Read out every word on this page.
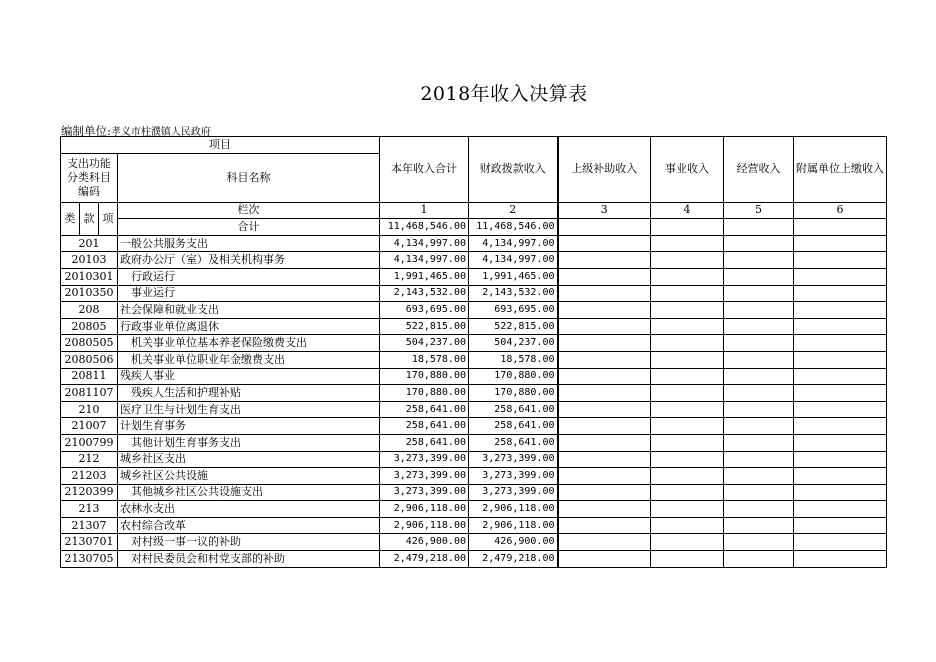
2018年收入决算表
编制单位:孝义市柱濮镇人民政府
项目				本年收入合计	财政拨款收入	上级补助收入	事业收入	经营收入	附属单位上缴收入
支出功能分类科目编码			科目名称						

类	款	项	栏次	1	2	3	4	5	6
			合计	11,468,546.00	11,468,546.00				
201			一般公共服务支出	4,134,997.00	4,134,997.00				
20103			政府办公厅（室）及相关机构事务	4,134,997.00	4,134,997.00				
2010301			　行政运行	1,991,465.00	1,991,465.00				
2010350			　事业运行	2,143,532.00	2,143,532.00				
208			社会保障和就业支出	693,695.00	693,695.00				
20805			行政事业单位离退休	522,815.00	522,815.00				
2080505			　机关事业单位基本养老保险缴费支出	504,237.00	504,237.00				
2080506			　机关事业单位职业年金缴费支出	18,578.00	18,578.00				
20811			残疾人事业	170,880.00	170,880.00				
2081107			　残疾人生活和护理补贴	170,880.00	170,880.00				
210			医疗卫生与计划生育支出	258,641.00	258,641.00				
21007			计划生育事务	258,641.00	258,641.00				
2100799			　其他计划生育事务支出	258,641.00	258,641.00				
212			城乡社区支出	3,273,399.00	3,273,399.00				
21203			城乡社区公共设施	3,273,399.00	3,273,399.00				
2120399			　其他城乡社区公共设施支出	3,273,399.00	3,273,399.00				
213			农林水支出	2,906,118.00	2,906,118.00				
21307			农村综合改革	2,906,118.00	2,906,118.00				
2130701			　对村级一事一议的补助	426,900.00	426,900.00				
2130705			　对村民委员会和村党支部的补助	2,479,218.00	2,479,218.00				
